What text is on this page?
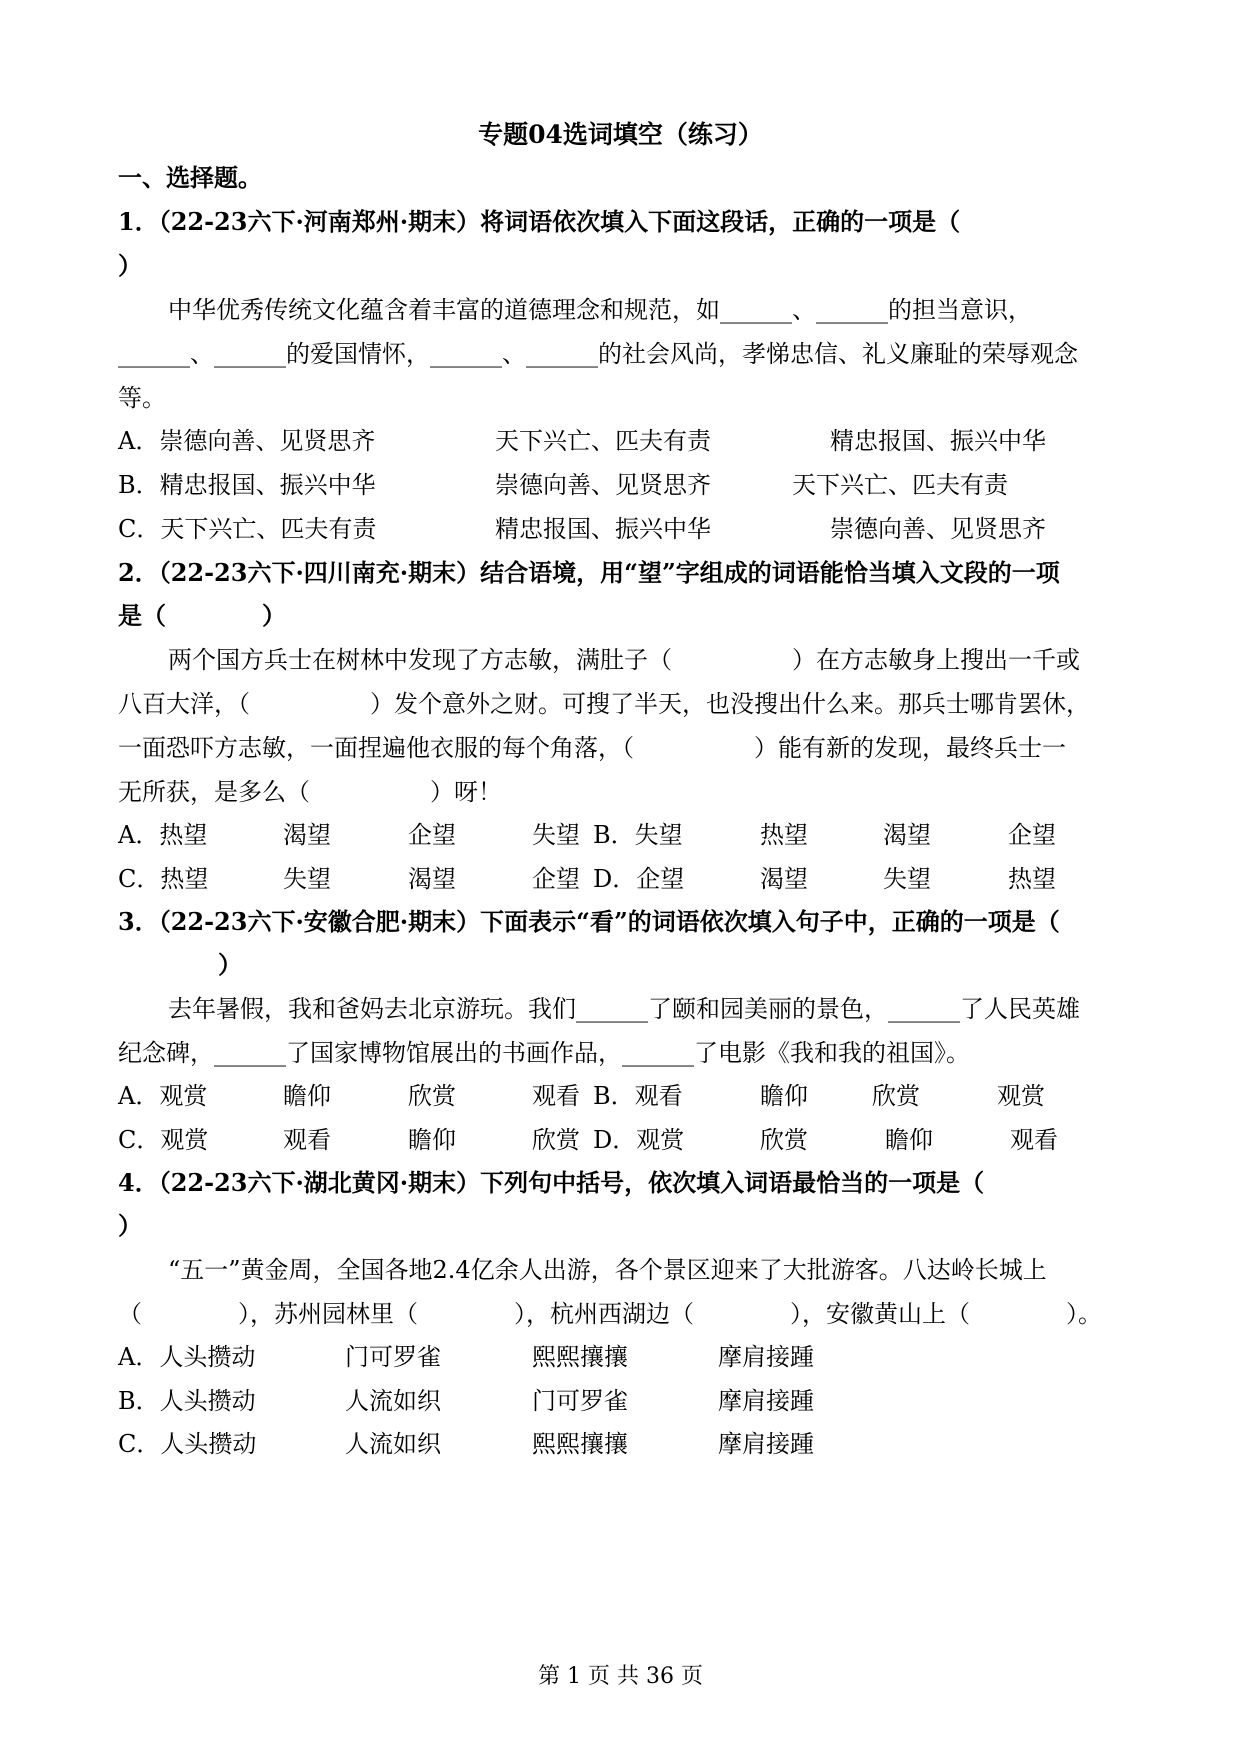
专题04选词填空（练习）
一、选择题。
1．（22-23六下·河南郑州·期末）将词语依次填入下面这段话，正确的一项是（
）
中华优秀传统文化蕴含着丰富的道德理念和规范，如______、______的担当意识，
______、______的爱国情怀，______、______的社会风尚，孝悌忠信、礼义廉耻的荣辱观念
等。
A．崇德向善、见贤思齐	天下兴亡、匹夫有责	精忠报国、振兴中华
B．精忠报国、振兴中华	崇德向善、见贤思齐	天下兴亡、匹夫有责
C．天下兴亡、匹夫有责	精忠报国、振兴中华	崇德向善、见贤思齐
2．（22-23六下·四川南充·期末）结合语境，用“望”字组成的词语能恰当填入文段的一项
是（　　　　）
两个国方兵士在树林中发现了方志敏，满肚子（　　　　　）在方志敏身上搜出一千或
八百大洋，（　　　　　）发个意外之财。可搜了半天，也没搜出什么来。那兵士哪肯罢休，
一面恐吓方志敏，一面捏遍他衣服的每个角落，（　　　　　）能有新的发现，最终兵士一
无所获，是多么（　　　　　）呀！
A．热望	渴望	企望	失望 B．失望	热望	渴望	企望
C．热望	失望	渴望	企望 D．企望	渴望	失望	热望
3．（22-23六下·安徽合肥·期末）下面表示“看”的词语依次填入句子中，正确的一项是（
）
去年暑假，我和爸妈去北京游玩。我们______了颐和园美丽的景色，______了人民英雄
纪念碑，______了国家博物馆展出的书画作品，______了电影《我和我的祖国》。
A．观赏	瞻仰	欣赏	观看 B．观看	瞻仰	欣赏	观赏
C．观赏	观看	瞻仰	欣赏 D．观赏	欣赏	瞻仰	观看
4．（22-23六下·湖北黄冈·期末）下列句中括号，依次填入词语最恰当的一项是（
）
“五一”黄金周，全国各地2.4亿余人出游，各个景区迎来了大批游客。八达岭长城上
（　　　　），苏州园林里（　　　　），杭州西湖边（　　　　），安徽黄山上（　　　　）。
A．人头攒动	门可罗雀	熙熙攘攘	摩肩接踵
B．人头攒动	人流如织	门可罗雀	摩肩接踵
C．人头攒动	人流如织	熙熙攘攘	摩肩接踵
第 1 页 共 36 页
